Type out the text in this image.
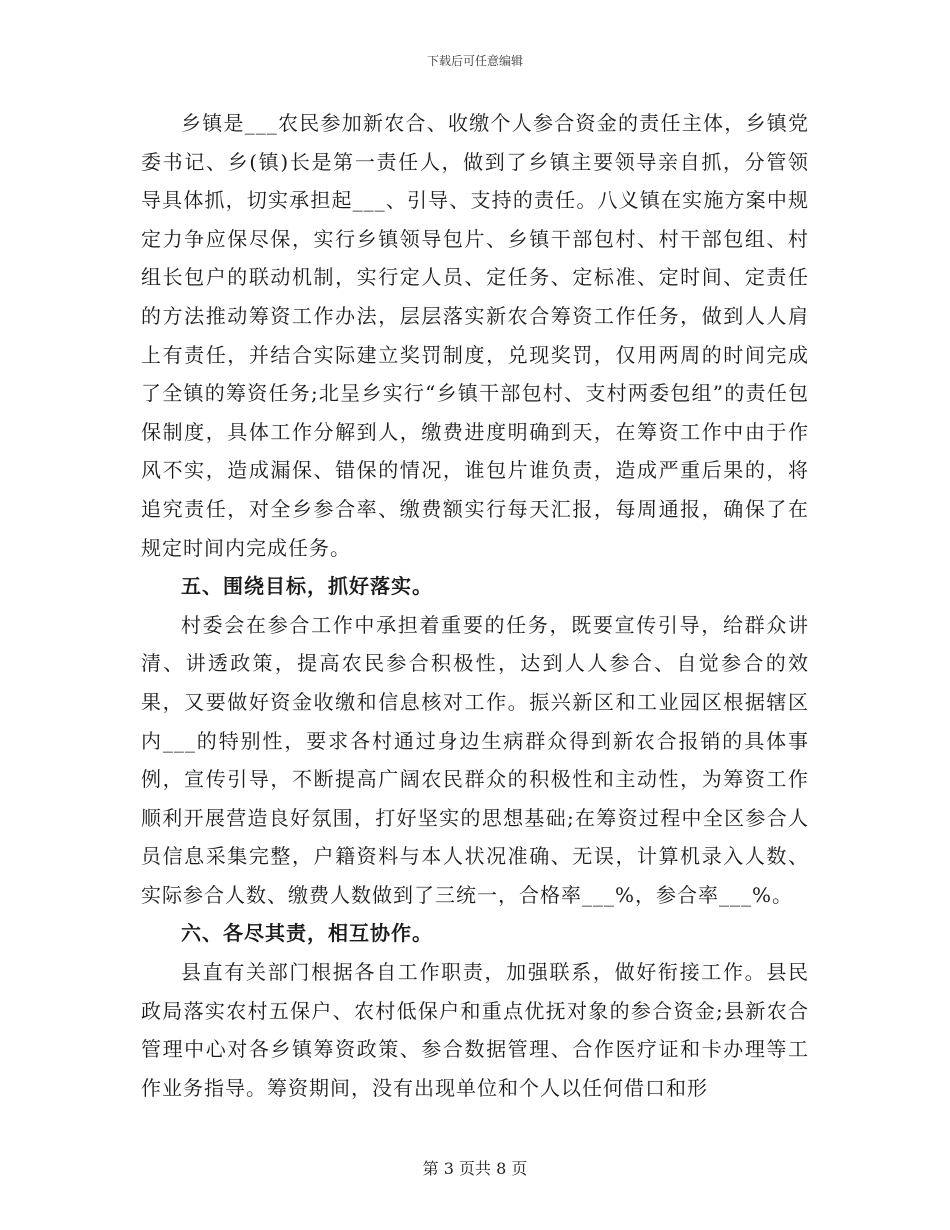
下载后可任意编辑

乡镇是___农民参加新农合、收缴个人参合资金的责任主体，乡镇党委书记、乡(镇)长是第一责任人，做到了乡镇主要领导亲自抓，分管领导具体抓，切实承担起___、引导、支持的责任。八义镇在实施方案中规定力争应保尽保，实行乡镇领导包片、乡镇干部包村、村干部包组、村组长包户的联动机制，实行定人员、定任务、定标准、定时间、定责任的方法推动筹资工作办法，层层落实新农合筹资工作任务，做到人人肩上有责任，并结合实际建立奖罚制度，兑现奖罚，仅用两周的时间完成了全镇的筹资任务;北呈乡实行“乡镇干部包村、支村两委包组”的责任包保制度，具体工作分解到人，缴费进度明确到天，在筹资工作中由于作风不实，造成漏保、错保的情况，谁包片谁负责，造成严重后果的，将追究责任，对全乡参合率、缴费额实行每天汇报，每周通报，确保了在规定时间内完成任务。

五、围绕目标，抓好落实。

村委会在参合工作中承担着重要的任务，既要宣传引导，给群众讲清、讲透政策，提高农民参合积极性，达到人人参合、自觉参合的效果，又要做好资金收缴和信息核对工作。振兴新区和工业园区根据辖区内___的特别性，要求各村通过身边生病群众得到新农合报销的具体事例，宣传引导，不断提高广阔农民群众的积极性和主动性，为筹资工作顺利开展营造良好氛围，打好坚实的思想基础;在筹资过程中全区参合人员信息采集完整，户籍资料与本人状况准确、无误，计算机录入人数、实际参合人数、缴费人数做到了三统一，合格率___%，参合率___%。

六、各尽其责，相互协作。

县直有关部门根据各自工作职责，加强联系，做好衔接工作。县民政局落实农村五保户、农村低保户和重点优抚对象的参合资金;县新农合管理中心对各乡镇筹资政策、参合数据管理、合作医疗证和卡办理等工作业务指导。筹资期间，没有出现单位和个人以任何借口和形

第 3 页共 8 页
